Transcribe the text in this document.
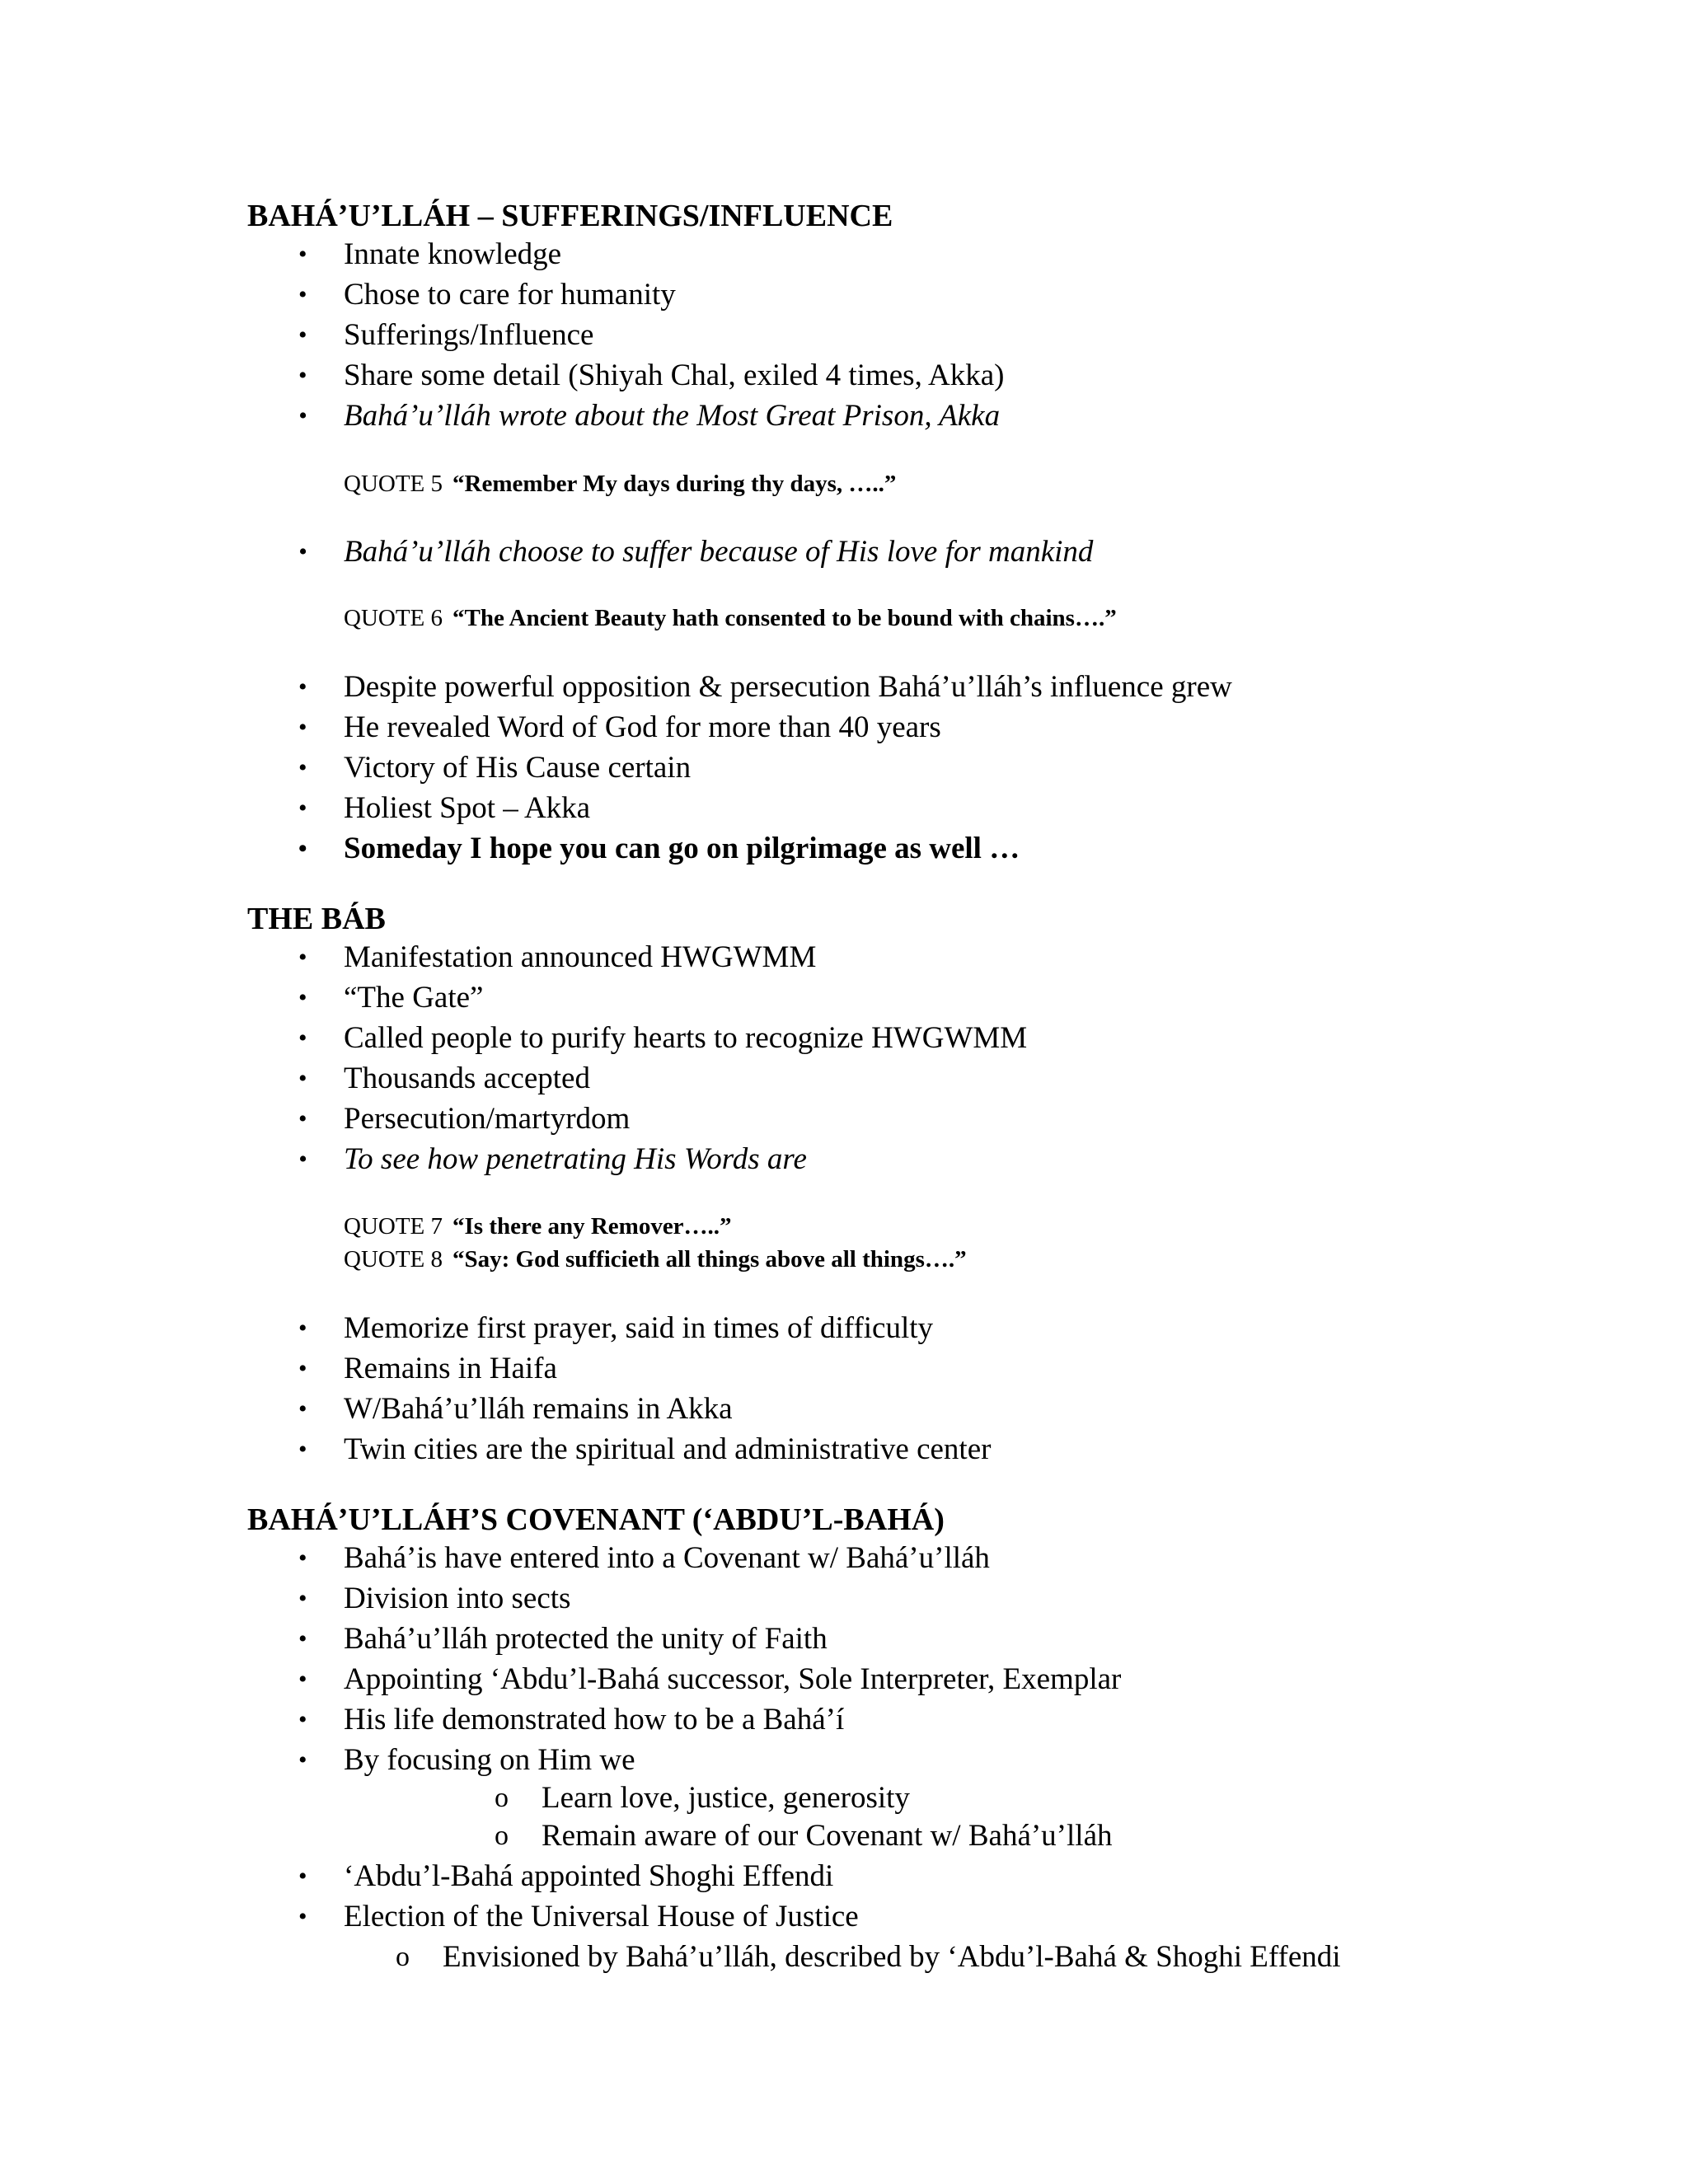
BAHÁ’U’LLÁH – SUFFERINGS/INFLUENCE
• Innate knowledge
• Chose to care for humanity
• Sufferings/Influence
• Share some detail (Shiyah Chal, exiled 4 times, Akka)
• Bahá’u’lláh wrote about the Most Great Prison, Akka
QUOTE 5 “Remember My days during thy days, …..”
• Bahá’u’lláh choose to suffer because of His love for mankind
QUOTE 6 “The Ancient Beauty hath consented to be bound with chains….”
• Despite powerful opposition & persecution Bahá’u’lláh’s influence grew
• He revealed Word of God for more than 40 years
• Victory of His Cause certain
• Holiest Spot – Akka
• Someday I hope you can go on pilgrimage as well …
THE BÁB
• Manifestation announced HWGWMM
• “The Gate”
• Called people to purify hearts to recognize HWGWMM
• Thousands accepted
• Persecution/martyrdom
• To see how penetrating His Words are
QUOTE 7 “Is there any Remover…..”
QUOTE 8 “Say: God sufficieth all things above all things….”
• Memorize first prayer, said in times of difficulty
• Remains in Haifa
• W/Bahá’u’lláh remains in Akka
• Twin cities are the spiritual and administrative center
BAHÁ’U’LLÁH’S COVENANT (‘ABDU’L-BAHÁ)
• Bahá’is have entered into a Covenant w/ Bahá’u’lláh
• Division into sects
• Bahá’u’lláh protected the unity of Faith
• Appointing ‘Abdu’l-Bahá successor, Sole Interpreter, Exemplar
• His life demonstrated how to be a Bahá’í
• By focusing on Him we
o Learn love, justice, generosity
o Remain aware of our Covenant w/ Bahá’u’lláh
• ‘Abdu’l-Bahá appointed Shoghi Effendi
• Election of the Universal House of Justice
o Envisioned by Bahá’u’lláh, described by ‘Abdu’l-Bahá & Shoghi Effendi
